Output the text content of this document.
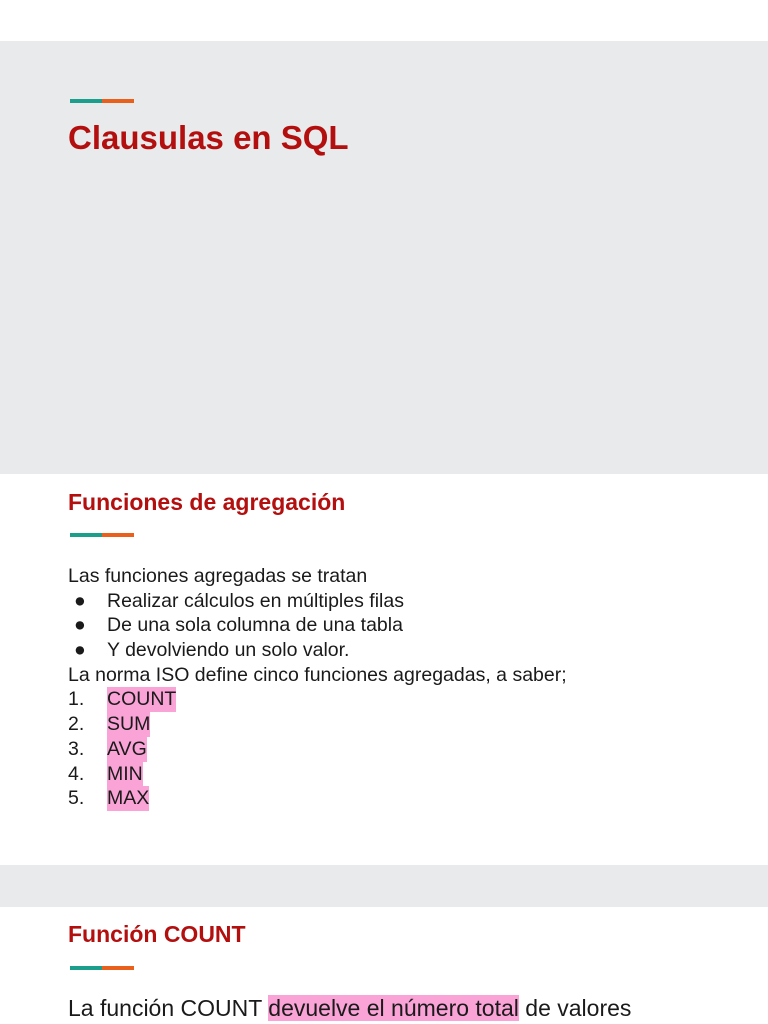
Clausulas en SQL
Funciones de agregación
Las funciones agregadas se tratan
●	Realizar cálculos en múltiples filas
●	De una sola columna de una tabla
●	Y devolviendo un solo valor.
La norma ISO define cinco funciones agregadas, a saber;
1.	COUNT
2.	SUM
3.	AVG
4.	MIN
5.	MAX
Función COUNT
La función COUNT devuelve el número total de valores
